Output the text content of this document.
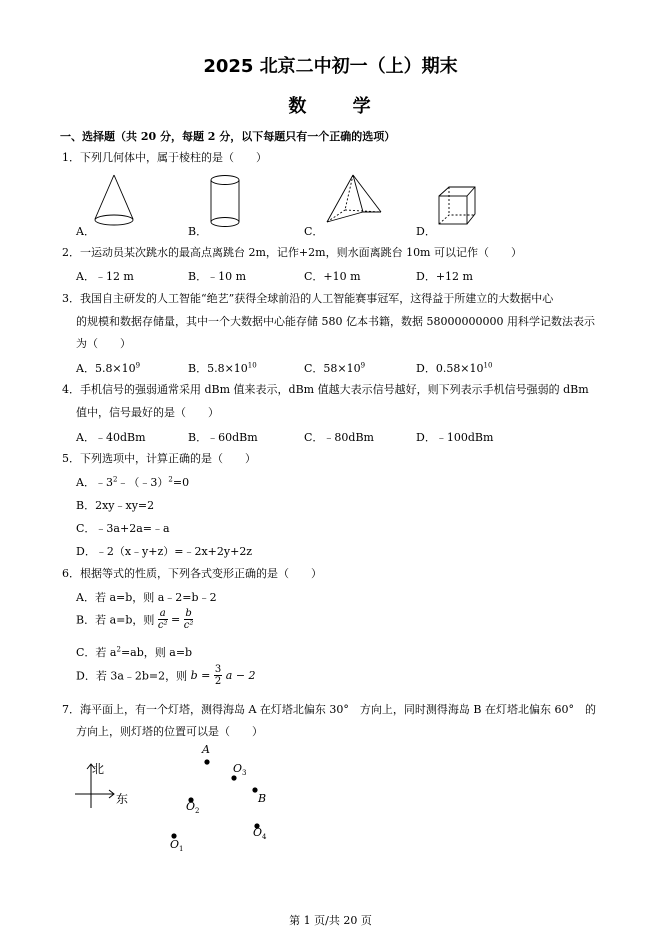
2025 北京二中初一（上）期末
数 学
一、选择题（共 20 分，每题 2 分，以下每题只有一个正确的选项）
1．下列几何体中，属于棱柱的是（　　）
A．	B．	C．	D．
2．一运动员某次跳水的最高点离跳台 2m，记作+2m，则水面离跳台 10m 可以记作（　　）
A．﹣12 m	B．﹣10 m	C．+10 m	D．+12 m
3．我国自主研发的人工智能“绝艺”获得全球前沿的人工智能赛事冠军，这得益于所建立的大数据中心
的规模和数据存储量，其中一个大数据中心能存储 580 亿本书籍，数据 58000000000 用科学记数法表示
为（　　）
A．$5.8\times 10^9$	B．$5.8\times 10^{10}$	C．$58\times 10^9$	D．$0.58\times 10^{10}$
4．手机信号的强弱通常采用 dBm 值来表示，dBm 值越大表示信号越好，则下列表示手机信号强弱的 dBm
值中，信号最好的是（　　）
A．﹣40dBm	B．﹣60dBm	C．﹣80dBm	D．﹣100dBm
5．下列选项中，计算正确的是（　　）
A．$﹣3^2﹣(﹣3)^2=0$
B．2xy﹣xy=2
C．﹣3a+2a=﹣a
D．﹣2（x﹣y+z）=﹣2x+2y+2z
6．根据等式的性质，下列各式变形正确的是（　　）
A．若 a=b，则 a﹣2=b﹣2
B．若 a=b，则 $\frac{a}{\text{c²}} = \frac{b}{\text{c²}}$
C．若 $a^2=ab$，则 a=b
D．若 3a﹣2b=2，则 $b = \frac{3}{2}$ a − 2
7．海平面上，有一个灯塔，测得海岛 A 在灯塔北偏东 30°　方向上，同时测得海岛 B 在灯塔北偏东 60°　的
方向上，则灯塔的位置可以是（　　）
北
东
A
$O_3$
B
$O_2$
$O_4$
$O_1$
第 1 页/共 20 页
